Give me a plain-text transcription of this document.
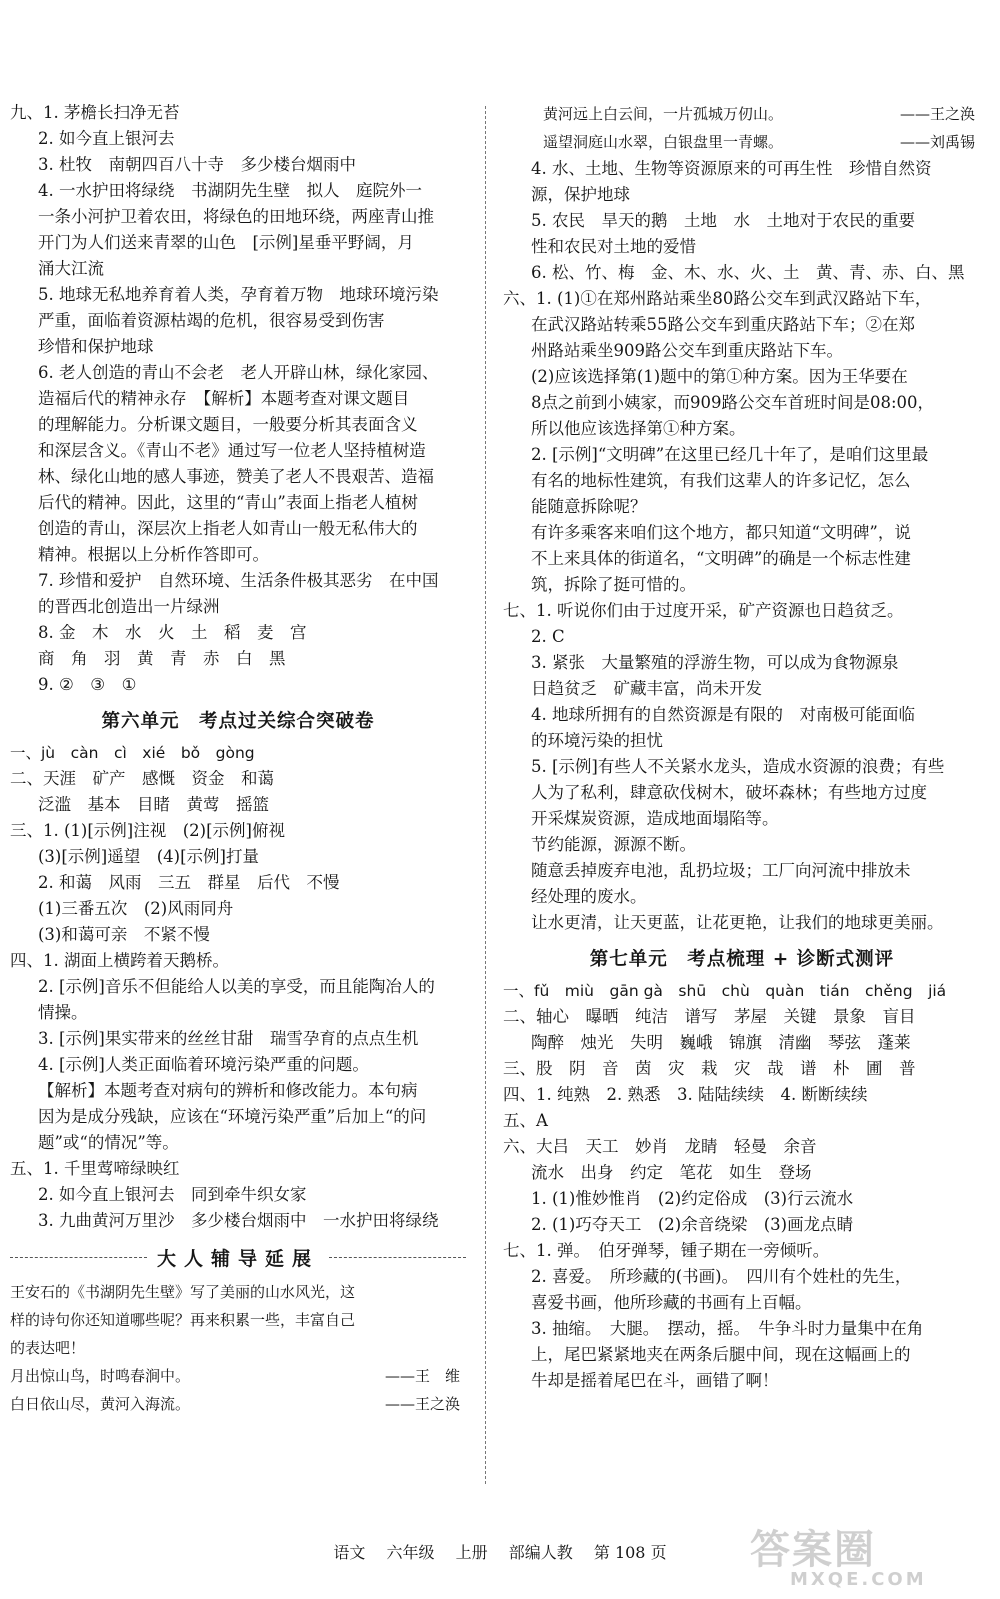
九、1. 茅檐长扫净无苔
2. 如今直上银河去
3. 杜牧　南朝四百八十寺　多少楼台烟雨中
4. 一水护田将绿绕　书湖阴先生壁　拟人　庭院外一
一条小河护卫着农田，将绿色的田地环绕，两座青山推
开门为人们送来青翠的山色　[示例]星垂平野阔，月
涌大江流
5. 地球无私地养育着人类，孕育着万物　地球环境污染
严重，面临着资源枯竭的危机，很容易受到伤害
珍惜和保护地球
6. 老人创造的青山不会老　老人开辟山林，绿化家园、
造福后代的精神永存　【解析】本题考查对课文题目
的理解能力。分析课文题目，一般要分析其表面含义
和深层含义。《青山不老》通过写一位老人坚持植树造
林、绿化山地的感人事迹，赞美了老人不畏艰苦、造福
后代的精神。因此，这里的“青山”表面上指老人植树
创造的青山，深层次上指老人如青山一般无私伟大的
精神。根据以上分析作答即可。
7. 珍惜和爱护　自然环境、生活条件极其恶劣　在中国
的晋西北创造出一片绿洲
8. 金　木　水　火　土　稻　麦　宫
商　角　羽　黄　青　赤　白　黑
9. ②　③　①
第六单元　考点过关综合突破卷
一、jù　càn　cì　xié　bǒ　gòng
二、天涯　矿产　感慨　资金　和蔼
泛滥　基本　目睹　黄莺　摇篮
三、1. (1)[示例]注视　(2)[示例]俯视
(3)[示例]遥望　(4)[示例]打量
2. 和蔼　风雨　三五　群星　后代　不慢
(1)三番五次　(2)风雨同舟
(3)和蔼可亲　不紧不慢
四、1. 湖面上横跨着天鹅桥。
2. [示例]音乐不但能给人以美的享受，而且能陶冶人的
情操。
3. [示例]果实带来的丝丝甘甜　瑞雪孕育的点点生机
4. [示例]人类正面临着环境污染严重的问题。
【解析】本题考查对病句的辨析和修改能力。本句病
因为是成分残缺，应该在“环境污染严重”后加上“的问
题”或“的情况”等。
五、1. 千里莺啼绿映红
2. 如今直上银河去　同到牵牛织女家
3. 九曲黄河万里沙　多少楼台烟雨中　一水护田将绿绕
大人辅导延展
王安石的《书湖阴先生壁》写了美丽的山水风光，这
样的诗句你还知道哪些呢？再来积累一些，丰富自己
的表达吧！
月出惊山鸟，时鸣春涧中。	——王　维
白日依山尽，黄河入海流。	——王之涣
黄河远上白云间，一片孤城万仞山。	——王之涣
遥望洞庭山水翠，白银盘里一青螺。	——刘禹锡
4. 水、土地、生物等资源原来的可再生性　珍惜自然资
源，保护地球
5. 农民　旱天的鹅　土地　水　土地对于农民的重要
性和农民对土地的爱惜
6. 松、竹、梅　金、木、水、火、土　黄、青、赤、白、黑
六、1. (1)①在郑州路站乘坐80路公交车到武汉路站下车，
在武汉路站转乘55路公交车到重庆路站下车；②在郑
州路站乘坐909路公交车到重庆路站下车。
(2)应该选择第(1)题中的第①种方案。因为王华要在
8点之前到小姨家，而909路公交车首班时间是08:00，
所以他应该选择第①种方案。
2. [示例]“文明碑”在这里已经几十年了，是咱们这里最
有名的地标性建筑，有我们这辈人的许多记忆，怎么
能随意拆除呢？
有许多乘客来咱们这个地方，都只知道“文明碑”，说
不上来具体的街道名，“文明碑”的确是一个标志性建
筑，拆除了挺可惜的。
七、1. 听说你们由于过度开采，矿产资源也日趋贫乏。
2. C
3. 紧张　大量繁殖的浮游生物，可以成为食物源泉
日趋贫乏　矿藏丰富，尚未开发
4. 地球所拥有的自然资源是有限的　对南极可能面临
的环境污染的担忧
5. [示例]有些人不关紧水龙头，造成水资源的浪费；有些
人为了私利，肆意砍伐树木，破坏森林；有些地方过度
开采煤炭资源，造成地面塌陷等。
节约能源，源源不断。
随意丢掉废弃电池，乱扔垃圾；工厂向河流中排放未
经处理的废水。
让水更清，让天更蓝，让花更艳，让我们的地球更美丽。
第七单元　考点梳理 + 诊断式测评
一、fǔ　miù　gān gà　shū　chù　quàn　tián　chěng　jiá
二、轴心　曝晒　纯洁　谱写　茅屋　关键　景象　盲目
陶醉　烛光　失明　巍峨　锦旗　清幽　琴弦　蓬莱
三、股　阴　音　茵　灾　栽　灾　哉　谱　朴　圃　普
四、1. 纯熟　2. 熟悉　3. 陆陆续续　4. 断断续续
五、A
六、大吕　天工　妙肖　龙睛　轻曼　余音
流水　出身　约定　笔花　如生　登场
1. (1)惟妙惟肖　(2)约定俗成　(3)行云流水
2. (1)巧夺天工　(2)余音绕梁　(3)画龙点睛
七、1. 弹。　伯牙弹琴，锺子期在一旁倾听。
2. 喜爱。　所珍藏的(书画)。　四川有个姓杜的先生，
喜爱书画，他所珍藏的书画有上百幅。
3. 抽缩。　大腿。　摆动，摇。　牛争斗时力量集中在角
上，尾巴紧紧地夹在两条后腿中间，现在这幅画上的
牛却是摇着尾巴在斗，画错了啊！
语文 六年级 上册 部编人教 第 108 页	答案圈
MXQE.COM
